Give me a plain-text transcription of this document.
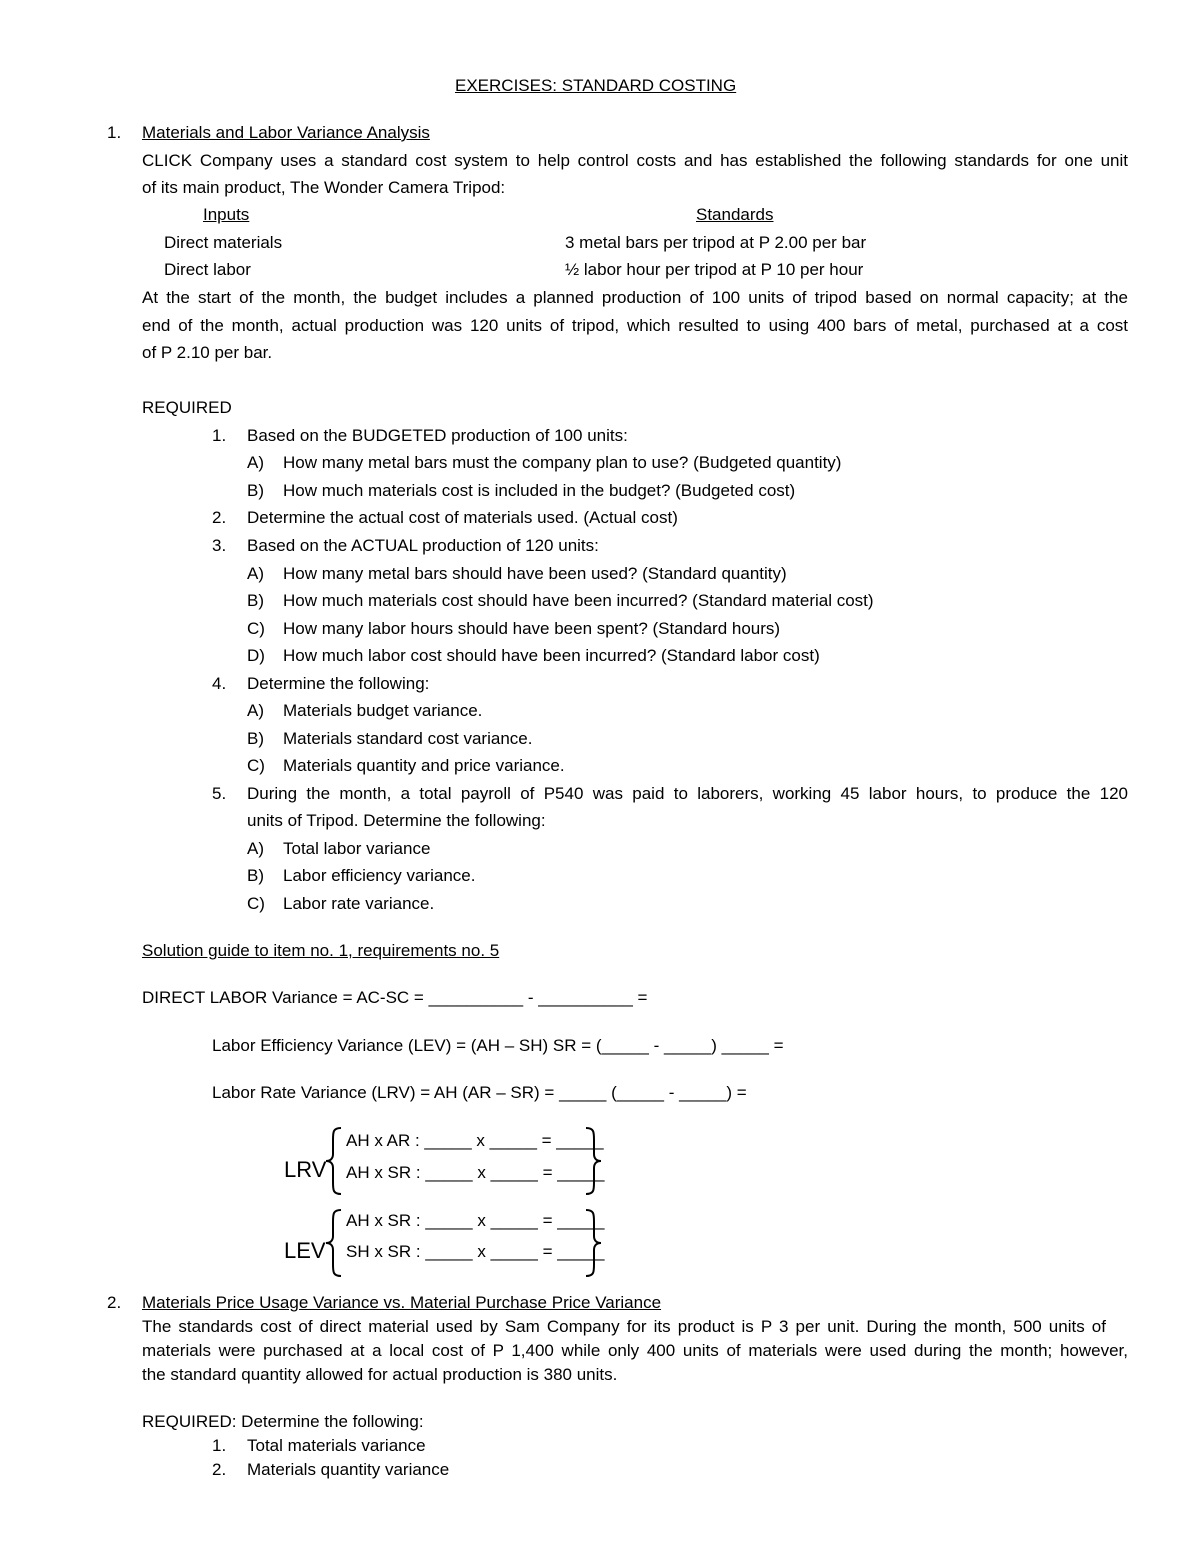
EXERCISES: STANDARD COSTING
1. Materials and Labor Variance Analysis
CLICK Company uses a standard cost system to help control costs and has established the following standards for one unit
of its main product, The Wonder Camera Tripod:
Inputs	Standards
Direct materials	3 metal bars per tripod at P 2.00 per bar
Direct labor	½ labor hour per tripod at P 10 per hour
At the start of the month, the budget includes a planned production of 100 units of tripod based on normal capacity; at the
end of the month, actual production was 120 units of tripod, which resulted to using 400 bars of metal, purchased at a cost
of P 2.10 per bar.
REQUIRED
1. Based on the BUDGETED production of 100 units:
A) How many metal bars must the company plan to use? (Budgeted quantity)
B) How much materials cost is included in the budget? (Budgeted cost)
2. Determine the actual cost of materials used. (Actual cost)
3. Based on the ACTUAL production of 120 units:
A) How many metal bars should have been used? (Standard quantity)
B) How much materials cost should have been incurred? (Standard material cost)
C) How many labor hours should have been spent? (Standard hours)
D) How much labor cost should have been incurred? (Standard labor cost)
4. Determine the following:
A) Materials budget variance.
B) Materials standard cost variance.
C) Materials quantity and price variance.
5. During the month, a total payroll of P540 was paid to laborers, working 45 labor hours, to produce the 120
units of Tripod. Determine the following:
A) Total labor variance
B) Labor efficiency variance.
C) Labor rate variance.
Solution guide to item no. 1, requirements no. 5
DIRECT LABOR Variance = AC-SC = __________ - __________ =
Labor Efficiency Variance (LEV) = (AH – SH) SR = (_____ - _____) _____ =
Labor Rate Variance (LRV) = AH (AR – SR) = _____ (_____ - _____) =
LRV
AH x AR : _____ x _____ = _____
AH x SR : _____ x _____ = _____
LEV
AH x SR : _____ x _____ = _____
SH x SR : _____ x _____ = _____
2. Materials Price Usage Variance vs. Material Purchase Price Variance
The standards cost of direct material used by Sam Company for its product is P 3 per unit. During the month, 500 units of
materials were purchased at a local cost of P 1,400 while only 400 units of materials were used during the month; however,
the standard quantity allowed for actual production is 380 units.
REQUIRED: Determine the following:
1. Total materials variance
2. Materials quantity variance
